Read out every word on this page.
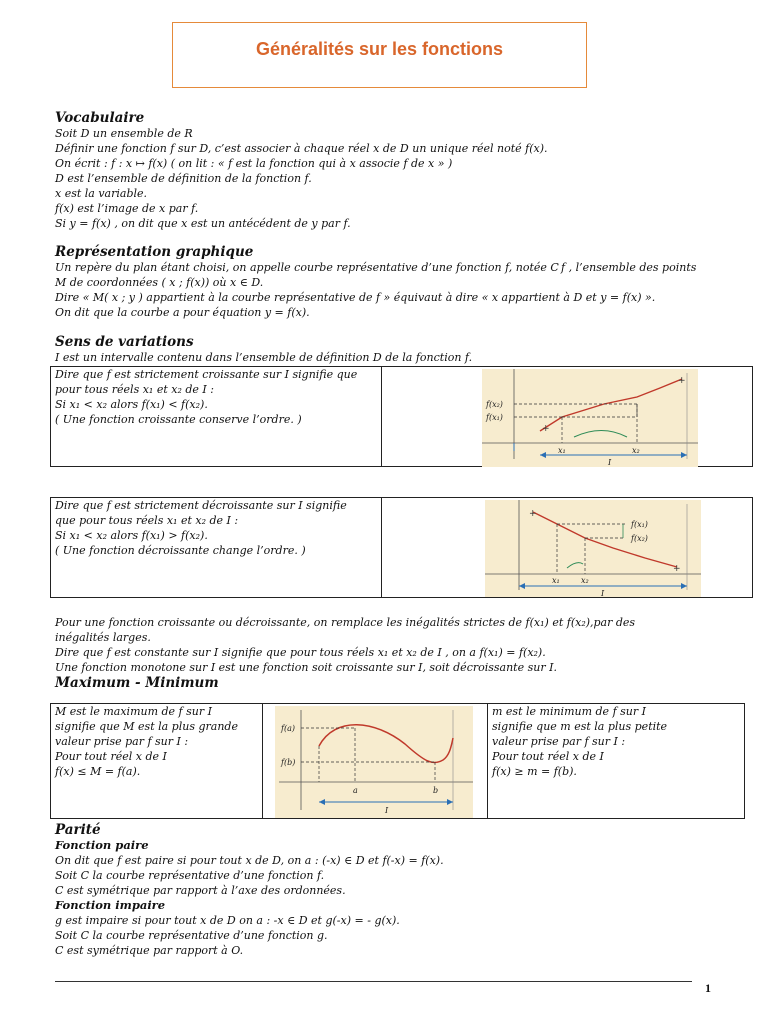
Généralités sur les fonctions
Vocabulaire
Soit D un ensemble de R
Définir une fonction f sur D, c’est associer à chaque réel x de D un unique réel noté f(x).
On écrit : f : x ↦ f(x) ( on lit : « f est la fonction qui à x associe f de x » )
D est l’ensemble de définition de la fonction f.
x est la variable.
f(x) est l’image de x par f.
Si y = f(x) , on dit que x est un antécédent de y par f.
Représentation graphique
Un repère du plan étant choisi, on appelle courbe représentative d’une fonction f, notée C f , l’ensemble des points
M de coordonnées ( x ; f(x)) où x ∈ D.
Dire « M( x ; y ) appartient à la courbe représentative de f » équivaut à dire « x appartient à D et y = f(x) ».
On dit que la courbe a pour équation y = f(x).
Sens de variations
I est un intervalle contenu dans l’ensemble de définition D de la fonction f.
Dire que f est strictement croissante sur I signifie que
pour tous réels x₁ et x₂ de I :
Si x₁ < x₂ alors f(x₁) < f(x₂).
( Une fonction croissante conserve l’ordre. )

+
+
f(x₂)
f(x₁)
x₁	x₂
I
Dire que f est strictement décroissante sur I signifie
que pour tous réels x₁ et x₂ de I :
Si x₁ < x₂ alors f(x₁) > f(x₂).
( Une fonction décroissante change l’ordre. )

+
+
f(x₁)
f(x₂)
x₁	x₂
I
Pour une fonction croissante ou décroissante, on remplace les inégalités strictes de f(x₁) et f(x₂),par des
inégalités larges.
Dire que f est constante sur I signifie que pour tous réels x₁ et x₂ de I , on a f(x₁) = f(x₂).
Une fonction monotone sur I est une fonction soit croissante sur I, soit décroissante sur I.
Maximum - Minimum
M est le maximum de f sur I
signifie que M est la plus grande
valeur prise par f sur I :
Pour tout réel x de I
f(x) ≤ M = f(a).

f(a)
f(b)
a	b
I

m est le minimum de f sur I
signifie que m est la plus petite
valeur prise par f sur I :
Pour tout réel x de I
f(x) ≥ m = f(b).
Parité
Fonction paire
On dit que f est paire si pour tout x de D, on a : (-x) ∈ D et f(-x) = f(x).
Soit C la courbe représentative d’une fonction f.
C est symétrique par rapport à l’axe des ordonnées.
Fonction impaire
g est impaire si pour tout x de D on a : -x ∈ D et g(-x) = - g(x).
Soit C la courbe représentative d’une fonction g.
C est symétrique par rapport à O.
1
